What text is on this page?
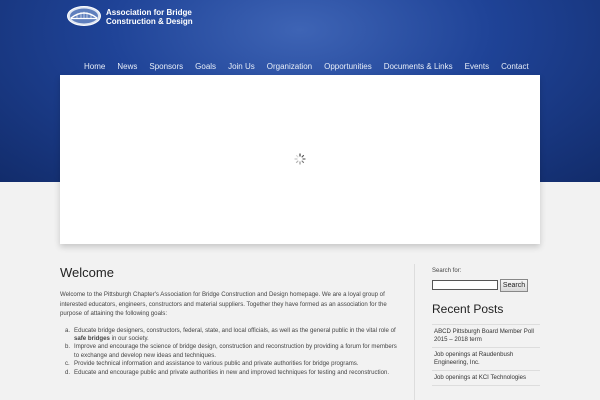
Association for Bridge
Construction & Design
Home	News	Sponsors	Goals	Join Us	Organization	Opportunities	Documents & Links	Events	Contact
Welcome

Welcome to the Pittsburgh Chapter's Association for Bridge Construction and Design homepage. We are a loyal group of interested educators, engineers, constructors and material suppliers. Together they have formed as an association for the purpose of attaining the following goals:

a. Educate bridge designers, constructors, federal, state, and local officials, as well as the general public in the vital role of safe bridges in our society.
b. Improve and encourage the science of bridge design, construction and reconstruction by providing a forum for members to exchange and develop new ideas and techniques.
c. Provide technical information and assistance to various public and private authorities for bridge programs.
d. Educate and encourage public and private authorities in new and improved techniques for testing and reconstruction.
Search for:
Search
Recent Posts
ABCD Pittsburgh Board Member Poll 2015 – 2018 term
Job openings at Raudenbush Engineering, Inc.
Job openings at KCI Technologies
